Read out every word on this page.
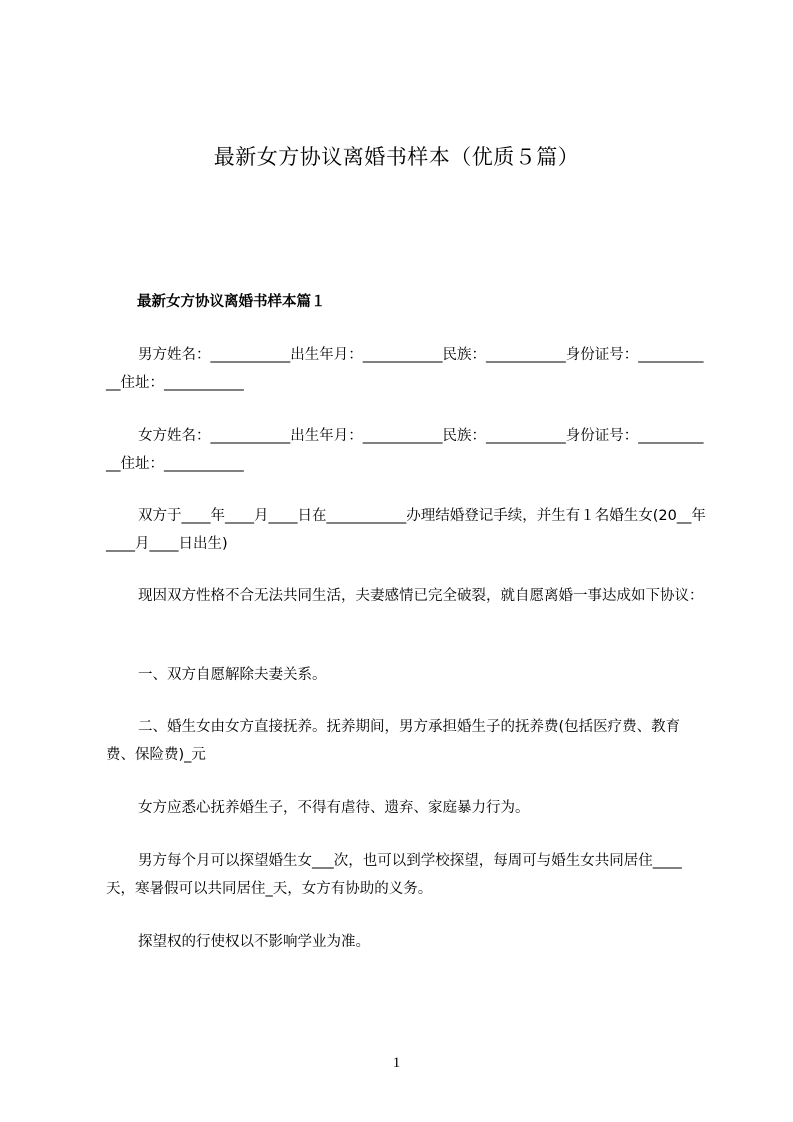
最新女方协议离婚书样本（优质５篇）
最新女方协议离婚书样本篇１
男方姓名：___________出生年月：___________民族：___________身份证号：___________住址：___________
女方姓名：___________出生年月：___________民族：___________身份证号：___________住址：___________
双方于____年____月____日在___________办理结婚登记手续，并生有１名婚生女(20__年____月____日出生)
现因双方性格不合无法共同生活，夫妻感情已完全破裂，就自愿离婚一事达成如下协议：
一、双方自愿解除夫妻关系。
二、婚生女由女方直接抚养。抚养期间，男方承担婚生子的抚养费(包括医疗费、教育费、保险费)_元
女方应悉心抚养婚生子，不得有虐待、遗弃、家庭暴力行为。
男方每个月可以探望婚生女___次，也可以到学校探望，每周可与婚生女共同居住____天，寒暑假可以共同居住_天，女方有协助的义务。
探望权的行使权以不影响学业为准。
1
